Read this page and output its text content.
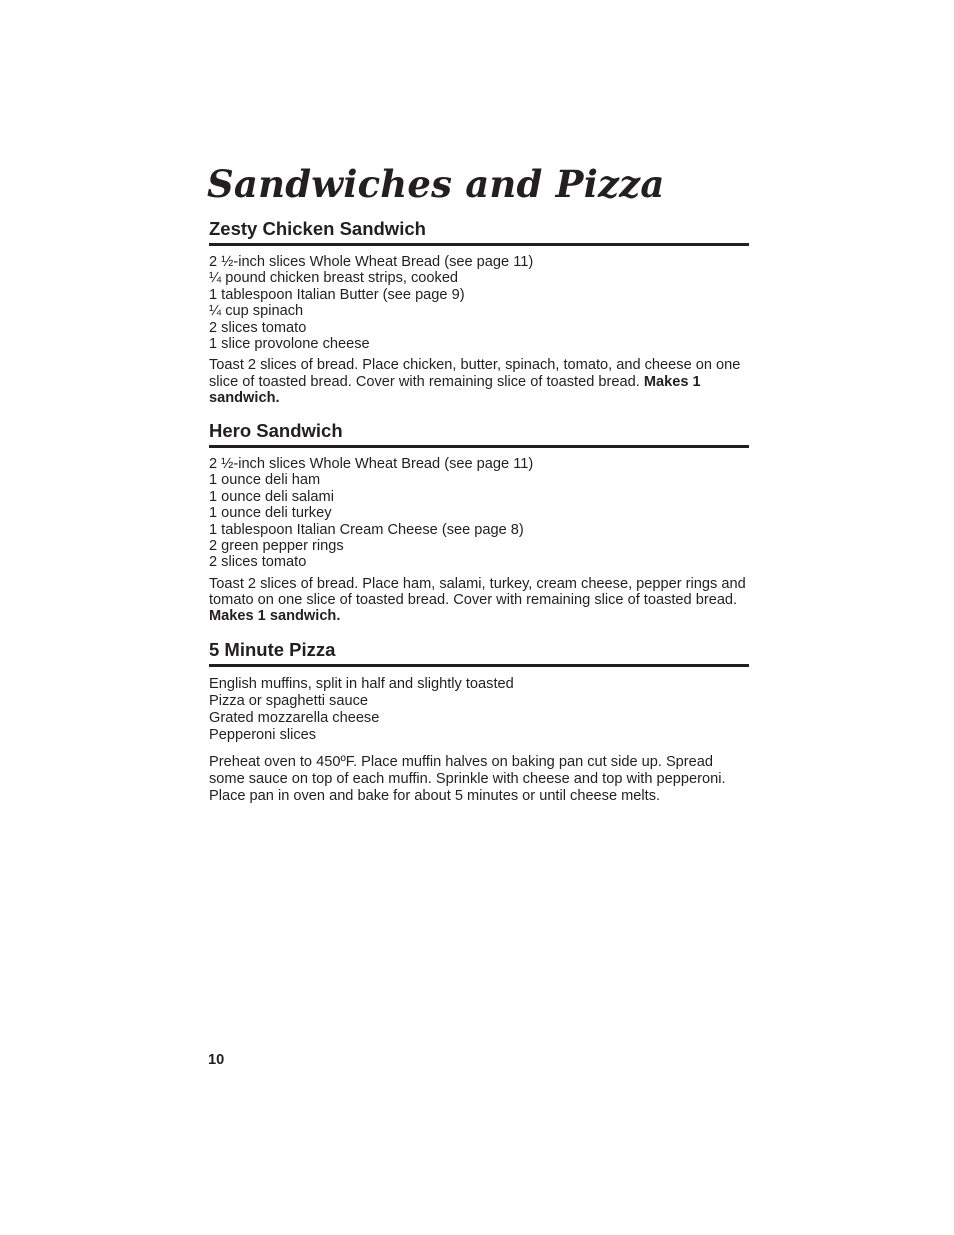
Sandwiches and Pizza
Zesty Chicken Sandwich
2 ½-inch slices Whole Wheat Bread (see page 11)
¼ pound chicken breast strips, cooked
1 tablespoon Italian Butter (see page 9)
¼ cup spinach
2 slices tomato
1 slice provolone cheese

Toast 2 slices of bread. Place chicken, butter, spinach, tomato, and cheese on one slice of toasted bread. Cover with remaining slice of toasted bread. Makes 1 sandwich.

Hero Sandwich
2 ½-inch slices Whole Wheat Bread (see page 11)
1 ounce deli ham
1 ounce deli salami
1 ounce deli turkey
1 tablespoon Italian Cream Cheese (see page 8)
2 green pepper rings
2 slices tomato

Toast 2 slices of bread. Place ham, salami, turkey, cream cheese, pepper rings and tomato on one slice of toasted bread. Cover with remaining slice of toasted bread. Makes 1 sandwich.

5 Minute Pizza
English muffins, split in half and slightly toasted
Pizza or spaghetti sauce
Grated mozzarella cheese
Pepperoni slices

Preheat oven to 450ºF. Place muffin halves on baking pan cut side up. Spread some sauce on top of each muffin. Sprinkle with cheese and top with pepperoni. Place pan in oven and bake for about 5 minutes or until cheese melts.

10
